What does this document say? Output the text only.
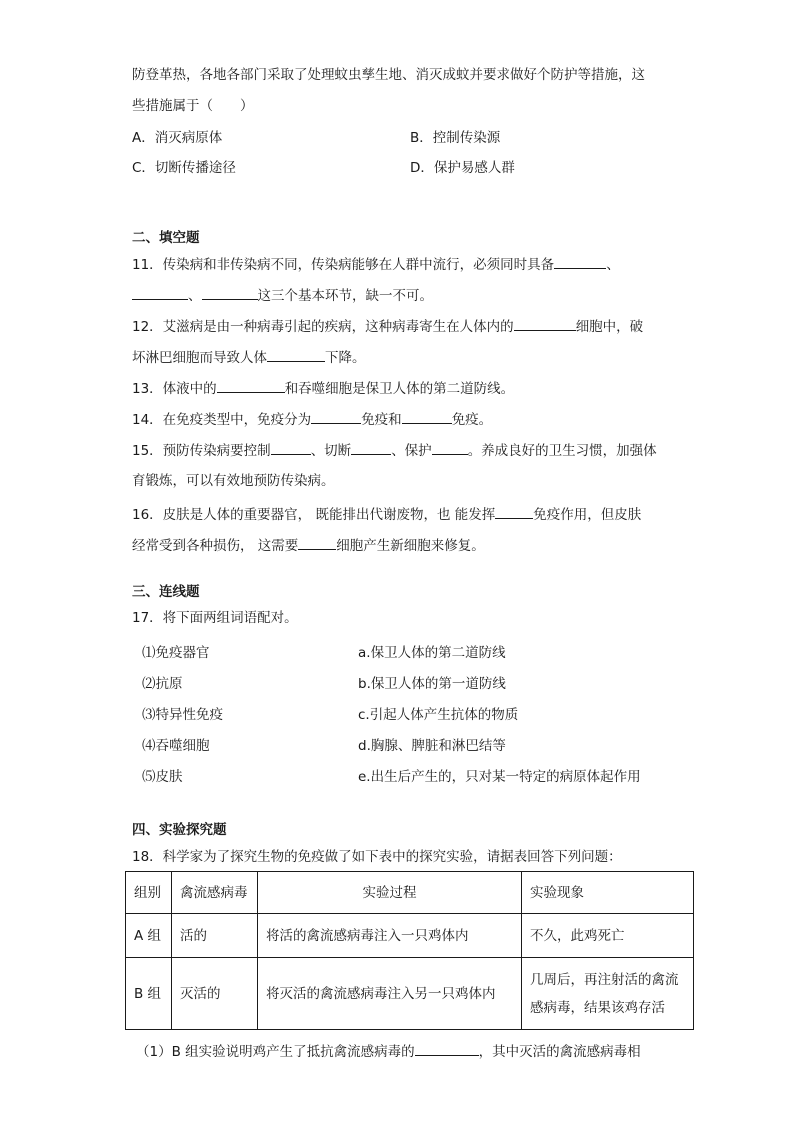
防登革热，各地各部门采取了处理蚊虫孳生地、消灭成蚊并要求做好个防护等措施，这
些措施属于（　　）
A．消灭病原体	B．控制传染源
C．切断传播途径	D．保护易感人群
二、填空题
11．传染病和非传染病不同，传染病能够在人群中流行，必须同时具备	、
、	这三个基本环节，缺一不可。
12．艾滋病是由一种病毒引起的疾病，这种病毒寄生在人体内的	细胞中，破
坏淋巴细胞而导致人体	下降。
13．体液中的	和吞噬细胞是保卫人体的第二道防线。
14．在免疫类型中，免疫分为	免疫和	免疫。
15．预防传染病要控制	、切断	、保护	。养成良好的卫生习惯，加强体
育锻炼，可以有效地预防传染病。
16．皮肤是人体的重要器官， 既能排出代谢废物，也 能发挥	免疫作用，但皮肤
经常受到各种损伤， 这需要	细胞产生新细胞来修复。
三、连线题
17．将下面两组词语配对。
⑴免疫器官	a.保卫人体的第二道防线
⑵抗原	b.保卫人体的第一道防线
⑶特异性免疫	c.引起人体产生抗体的物质
⑷吞噬细胞	d.胸腺、脾脏和淋巴结等
⑸皮肤	e.出生后产生的，只对某一特定的病原体起作用
四、实验探究题
18．科学家为了探究生物的免疫做了如下表中的探究实验，请据表回答下列问题：
组别	禽流感病毒	实验过程	实验现象
A 组	活的	将活的禽流感病毒注入一只鸡体内	不久，此鸡死亡
B 组	灭活的	将灭活的禽流感病毒注入另一只鸡体内	几周后，再注射活的禽流感病毒，结果该鸡存活
（1）B 组实验说明鸡产生了抵抗禽流感病毒的	，其中灭活的禽流感病毒相
